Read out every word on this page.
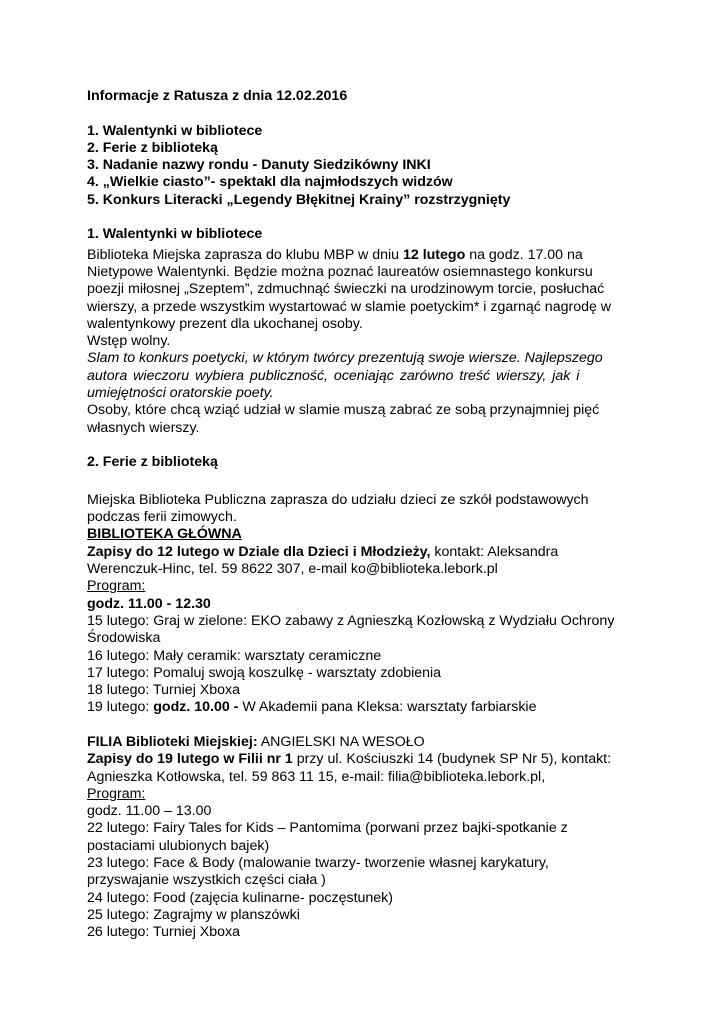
Informacje z Ratusza z dnia 12.02.2016
1. Walentynki w bibliotece
2. Ferie z biblioteką
3. Nadanie nazwy rondu - Danuty Siedzikówny INKI
4. „Wielkie ciasto”- spektakl dla najmłodszych widzów
5. Konkurs Literacki „Legendy Błękitnej Krainy” rozstrzygnięty
1. Walentynki w bibliotece
Biblioteka Miejska zaprasza do klubu MBP w dniu 12 lutego na godz. 17.00 na
Nietypowe Walentynki. Będzie można poznać laureatów osiemnastego konkursu
poezji miłosnej „Szeptem”, zdmuchnąć świeczki na urodzinowym torcie, posłuchać
wierszy, a przede wszystkim wystartować w slamie poetyckim* i zgarnąć nagrodę w
walentynkowy prezent dla ukochanej osoby.
Wstęp wolny.
Slam to konkurs poetycki, w którym twórcy prezentują swoje wiersze. Najlepszego
autora wieczoru wybiera publiczność, oceniając zarówno treść wierszy, jak i
umiejętności oratorskie poety.
Osoby, które chcą wziąć udział w slamie muszą zabrać ze sobą przynajmniej pięć
własnych wierszy.
2. Ferie z biblioteką
Miejska Biblioteka Publiczna zaprasza do udziału dzieci ze szkół podstawowych
podczas ferii zimowych.
BIBLIOTEKA GŁÓWNA
Zapisy do 12 lutego w Dziale dla Dzieci i Młodzieży, kontakt: Aleksandra
Werenczuk-Hinc, tel. 59 8622 307, e-mail ko@biblioteka.lebork.pl
Program:
godz. 11.00 - 12.30
15 lutego: Graj w zielone: EKO zabawy z Agnieszką Kozłowską z Wydziału Ochrony
Środowiska
16 lutego: Mały ceramik: warsztaty ceramiczne
17 lutego: Pomaluj swoją koszulkę - warsztaty zdobienia
18 lutego: Turniej Xboxa
19 lutego: godz. 10.00 - W Akademii pana Kleksa: warsztaty farbiarskie
FILIA Biblioteki Miejskiej: ANGIELSKI NA WESOŁO
Zapisy do 19 lutego w Filii nr 1 przy ul. Kościuszki 14 (budynek SP Nr 5), kontakt:
Agnieszka Kotłowska, tel. 59 863 11 15, e-mail: filia@biblioteka.lebork.pl,
Program:
godz. 11.00 – 13.00
22 lutego: Fairy Tales for Kids – Pantomima (porwani przez bajki-spotkanie z
postaciami ulubionych bajek)
23 lutego: Face & Body (malowanie twarzy- tworzenie własnej karykatury,
przyswajanie wszystkich części ciała )
24 lutego: Food (zajęcia kulinarne- poczęstunek)
25 lutego: Zagrajmy w planszówki
26 lutego: Turniej Xboxa
